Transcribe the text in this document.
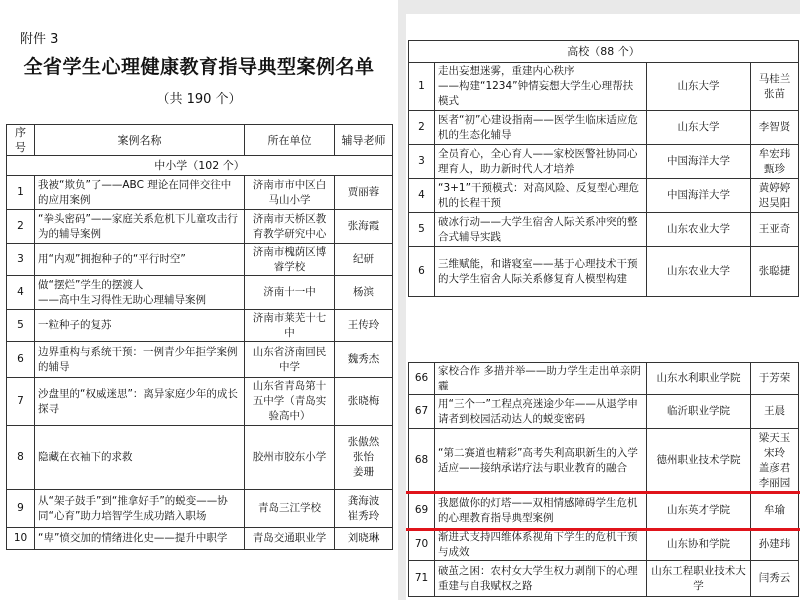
附件 3
全省学生心理健康教育指导典型案例名单
（共 190 个）
序号	案例名称	所在单位	辅导老师
中小学（102 个）			
1	我被“欺负”了——ABC 理论在同伴交往中的应用案例	济南市市中区白马山小学	贾丽蓉
2	“拳头密码”——家庭关系危机下儿童攻击行为的辅导案例	济南市天桥区教育教学研究中心	张海霞
3	用“内观”拥抱种子的“平行时空”	济南市槐荫区博睿学校	纪研
4	做“摆烂”学生的摆渡人
——高中生习得性无助心理辅导案例	济南十一中	杨滨
5	一粒种子的复苏	济南市莱芜十七中	王传玲
6	边界重构与系统干预：一例青少年拒学案例的辅导	山东省济南回民中学	魏秀杰
7	沙盘里的“权威迷思”：离异家庭少年的成长探寻	山东省青岛第十五中学（青岛实验高中）	张晓梅
8	隐藏在衣袖下的求救	胶州市胶东小学	张傲然
张怡
姜珊
9	从“架子鼓手”到“推拿好手”的蜕变——协同“心育”助力培智学生成功踏入职场	青岛三江学校	龚海波
崔秀玲
10	“卑”愤交加的情绪进化史——提升中职学	青岛交通职业学	刘晓琳
高校（88 个）			
1	走出妄想迷雾，重建内心秩序
——构建“1234”钟情妄想大学生心理帮扶模式	山东大学	马桂兰
张苗
2	医者“初”心建设指南——医学生临床适应危机的生态化辅导	山东大学	李智贤
3	全员育心，全心育人——家校医警社协同心理育人，助力新时代人才培养	中国海洋大学	牟宏玮
甄珍
4	“3+1”干预模式：对高风险、反复型心理危机的长程干预	中国海洋大学	黄婷婷
迟昊阳
5	破冰行动——大学生宿舍人际关系冲突的整合式辅导实践	山东农业大学	王亚奇
6	三维赋能，和谐寝室——基于心理技术干预的大学生宿舍人际关系修复育人模型构建	山东农业大学	张聪捷
66	家校合作 多措并举——助力学生走出单亲阴霾	山东水利职业学院	于芳荣
67	用“三个一”工程点亮迷途少年——从退学申请者到校园活动达人的蜕变密码	临沂职业学院	王晨
68	“第二赛道也精彩”高考失利高职新生的入学适应——接纳承诺疗法与职业教育的融合	德州职业技术学院	梁天玉
宋玲
盖彦君
李丽园
69	我愿做你的灯塔——双相情感障碍学生危机的心理教育指导典型案例	山东英才学院	牟瑜
70	渐进式支持四维体系视角下学生的危机干预与成效	山东协和学院	孙建玮
71	破茧之困：农村女大学生权力剥削下的心理重建与自我赋权之路	山东工程职业技术大学	闫秀云
